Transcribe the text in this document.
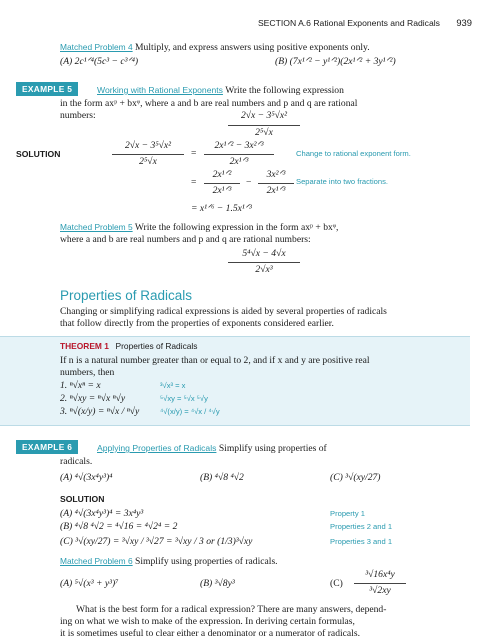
SECTION A.6 Rational Exponents and Radicals 939
Matched Problem 4 Multiply, and express answers using positive exponents only.
(A) 2c¹ᐟ⁴(5c³ − c³ᐟ⁴)	(B) (7x¹ᐟ² − y¹ᐟ²)(2x¹ᐟ² + 3y¹ᐟ²)
EXAMPLE 5	Working with Rational Exponents Write the following expression
in the form axᵖ + bxᵠ, where a and b are real numbers and p and q are rational
numbers:	2√x − 3⁵√x²
2⁵√x
SOLUTION
2√x − 3⁵√x²
2⁵√x
=
2x¹ᐟ² − 3x²ᐟ³
2x¹ᐟ³
Change to rational exponent form.
=
2x¹ᐟ²
2x¹ᐟ³
−
3x²ᐟ³
2x¹ᐟ³
Separate into two fractions.
= x¹ᐟ⁶ − 1.5x¹ᐟ³
Matched Problem 5 Write the following expression in the form axᵖ + bxᵠ,
where a and b are real numbers and p and q are rational numbers:
5⁴√x − 4√x
2√x³
Properties of Radicals
Changing or simplifying radical expressions is aided by several properties of radicals
that follow directly from the properties of exponents considered earlier.
THEOREM 1 Properties of Radicals
If n is a natural number greater than or equal to 2, and if x and y are positive real
numbers, then
1. ⁿ√xⁿ = x	³√x³ = x
2. ⁿ√xy = ⁿ√x ⁿ√y	⁵√xy = ⁵√x ⁵√y
3. ⁿ√(x/y) = ⁿ√x / ⁿ√y	⁴√(x/y) = ⁴√x / ⁴√y
EXAMPLE 6	Applying Properties of Radicals Simplify using properties of
radicals.
(A) ⁴√(3x⁴y³)⁴	(B) ⁴√8 ⁴√2	(C) ³√(xy/27)
SOLUTION
(A) ⁴√(3x⁴y³)⁴ = 3x⁴y³	Property 1
(B) ⁴√8 ⁴√2 = ⁴√16 = ⁴√2⁴ = 2	Properties 2 and 1
(C) ³√(xy/27) = ³√xy / ³√27 = ³√xy / 3 or (1/3)³√xy	Properties 3 and 1
Matched Problem 6 Simplify using properties of radicals.
(A) ⁵√(x³ + y³)⁷	(B) ³√8y³	(C)
³√16x⁴y
³√2xy
What is the best form for a radical expression? There are many answers, depend-
ing on what we wish to make of the expression. In deriving certain formulas,
it is sometimes useful to clear either a denominator or a numerator of radicals.
